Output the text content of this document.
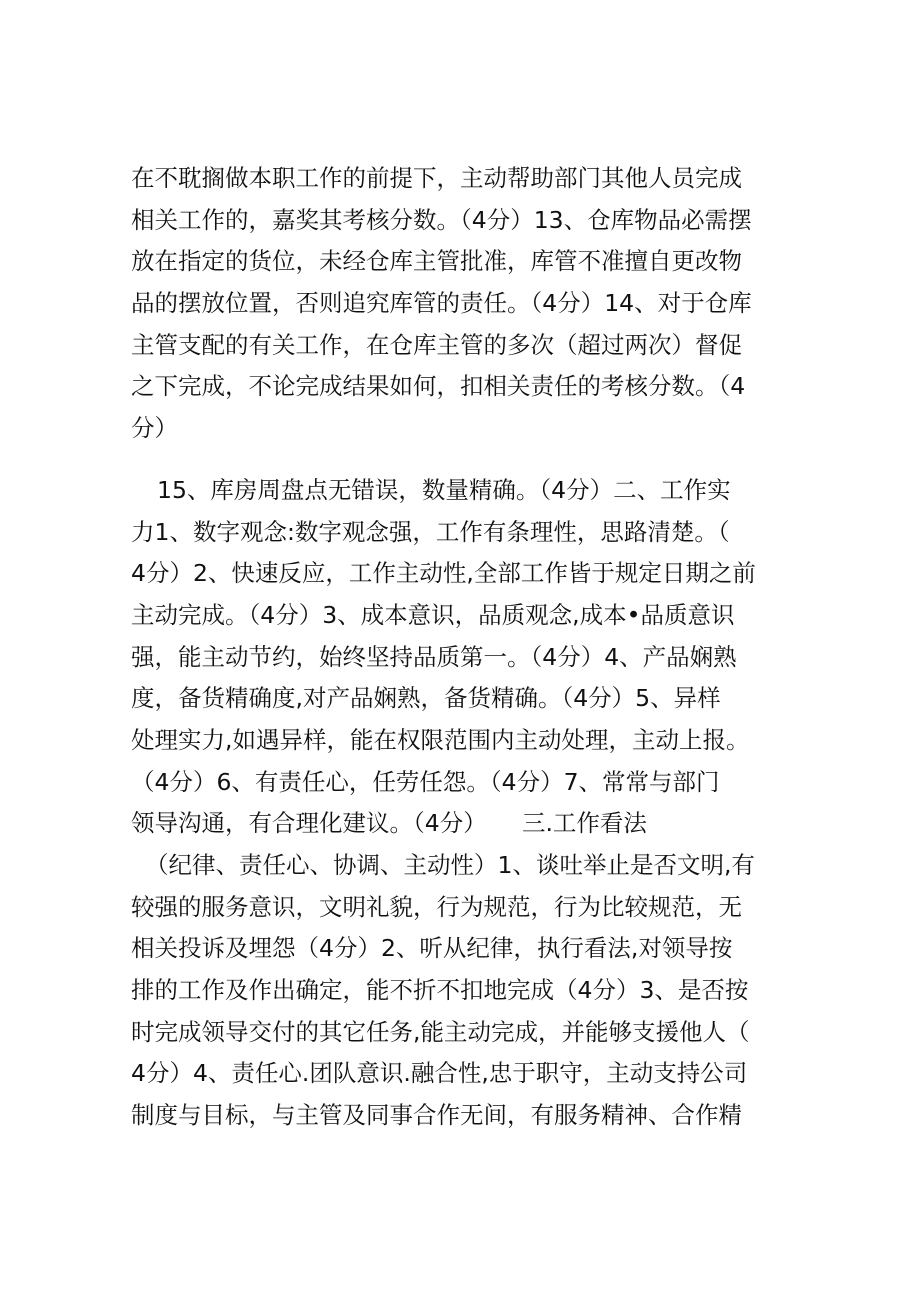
在不耽搁做本职工作的前提下，主动帮助部门其他人员完成
相关工作的，嘉奖其考核分数。（4分）13、仓库物品必需摆
放在指定的货位，未经仓库主管批准，库管不准擅自更改物
品的摆放位置，否则追究库管的责任。（4分）14、对于仓库
主管支配的有关工作，在仓库主管的多次（超过两次）督促
之下完成，不论完成结果如何，扣相关责任的考核分数。（4
分）
15、库房周盘点无错误，数量精确。（4分）二、工作实
力1、数字观念:数字观念强，工作有条理性，思路清楚。（
4分）2、快速反应，工作主动性,全部工作皆于规定日期之前
主动完成。（4分）3、成本意识，品质观念,成本•品质意识
强，能主动节约，始终坚持品质第一。（4分）4、产品娴熟
度，备货精确度,对产品娴熟，备货精确。（4分）5、异样
处理实力,如遇异样，能在权限范围内主动处理，主动上报。
（4分）6、有责任心，任劳任怨。（4分）7、常常与部门
领导沟通，有合理化建议。（4分）　　三.工作看法
（纪律、责任心、协调、主动性）1、谈吐举止是否文明,有
较强的服务意识，文明礼貌，行为规范，行为比较规范，无
相关投诉及埋怨（4分）2、听从纪律，执行看法,对领导按
排的工作及作出确定，能不折不扣地完成（4分）3、是否按
时完成领导交付的其它任务,能主动完成，并能够支援他人（
4分）4、责任心.团队意识.融合性,忠于职守，主动支持公司
制度与目标，与主管及同事合作无间，有服务精神、合作精
